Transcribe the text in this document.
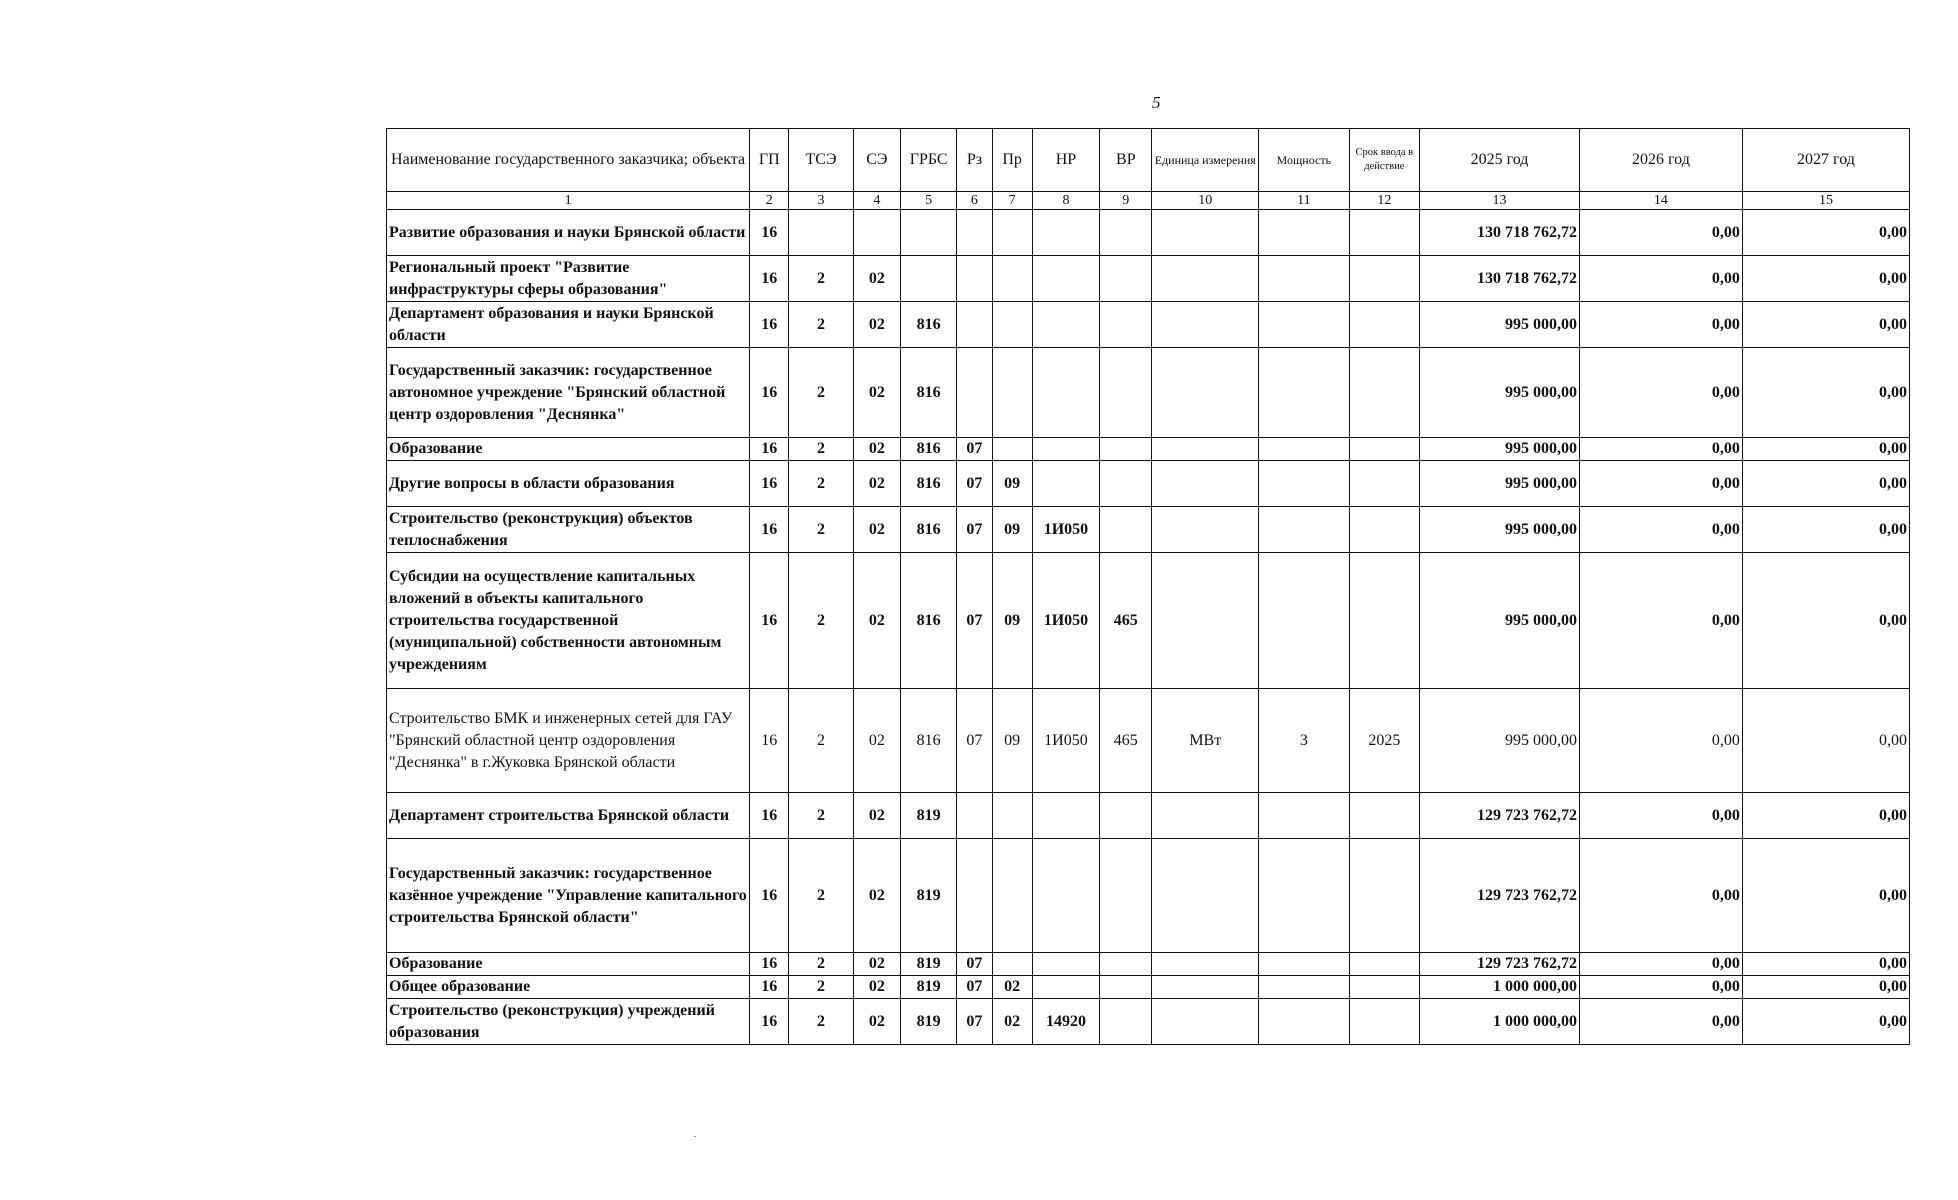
5
Наименование государственного заказчика; объекта	ГП	ТСЭ	СЭ	ГРБС	Рз	Пр	НР	ВР	Единица измерения	Мощность	Срок ввода в действие	2025 год	2026 год	2027 год
1	2	3	4	5	6	7	8	9	10	11	12	13	14	15
Развитие образования и науки Брянской области	16											130 718 762,72	0,00	0,00
Региональный проект "Развитие инфраструктуры сферы образования"	16	2	02									130 718 762,72	0,00	0,00
Департамент образования и науки Брянской области	16	2	02	816								995 000,00	0,00	0,00
Государственный заказчик: государственное автономное учреждение "Брянский областной центр оздоровления "Деснянка"	16	2	02	816								995 000,00	0,00	0,00
Образование	16	2	02	816	07							995 000,00	0,00	0,00
Другие вопросы в области образования	16	2	02	816	07	09						995 000,00	0,00	0,00
Строительство (реконструкция) объектов теплоснабжения	16	2	02	816	07	09	1И050					995 000,00	0,00	0,00
Субсидии на осуществление капитальных вложений в объекты капитального строительства государственной (муниципальной) собственности автономным учреждениям	16	2	02	816	07	09	1И050	465				995 000,00	0,00	0,00
Строительство БМК и инженерных сетей для ГАУ "Брянский областной центр оздоровления "Деснянка" в г.Жуковка Брянской области	16	2	02	816	07	09	1И050	465	МВт	3	2025	995 000,00	0,00	0,00
Департамент строительства Брянской области	16	2	02	819								129 723 762,72	0,00	0,00
Государственный заказчик: государственное казённое учреждение "Управление капитального строительства Брянской области"	16	2	02	819								129 723 762,72	0,00	0,00
Образование	16	2	02	819	07							129 723 762,72	0,00	0,00
Общее образование	16	2	02	819	07	02						1 000 000,00	0,00	0,00
Строительство (реконструкция) учреждений образования	16	2	02	819	07	02	14920					1 000 000,00	0,00	0,00
